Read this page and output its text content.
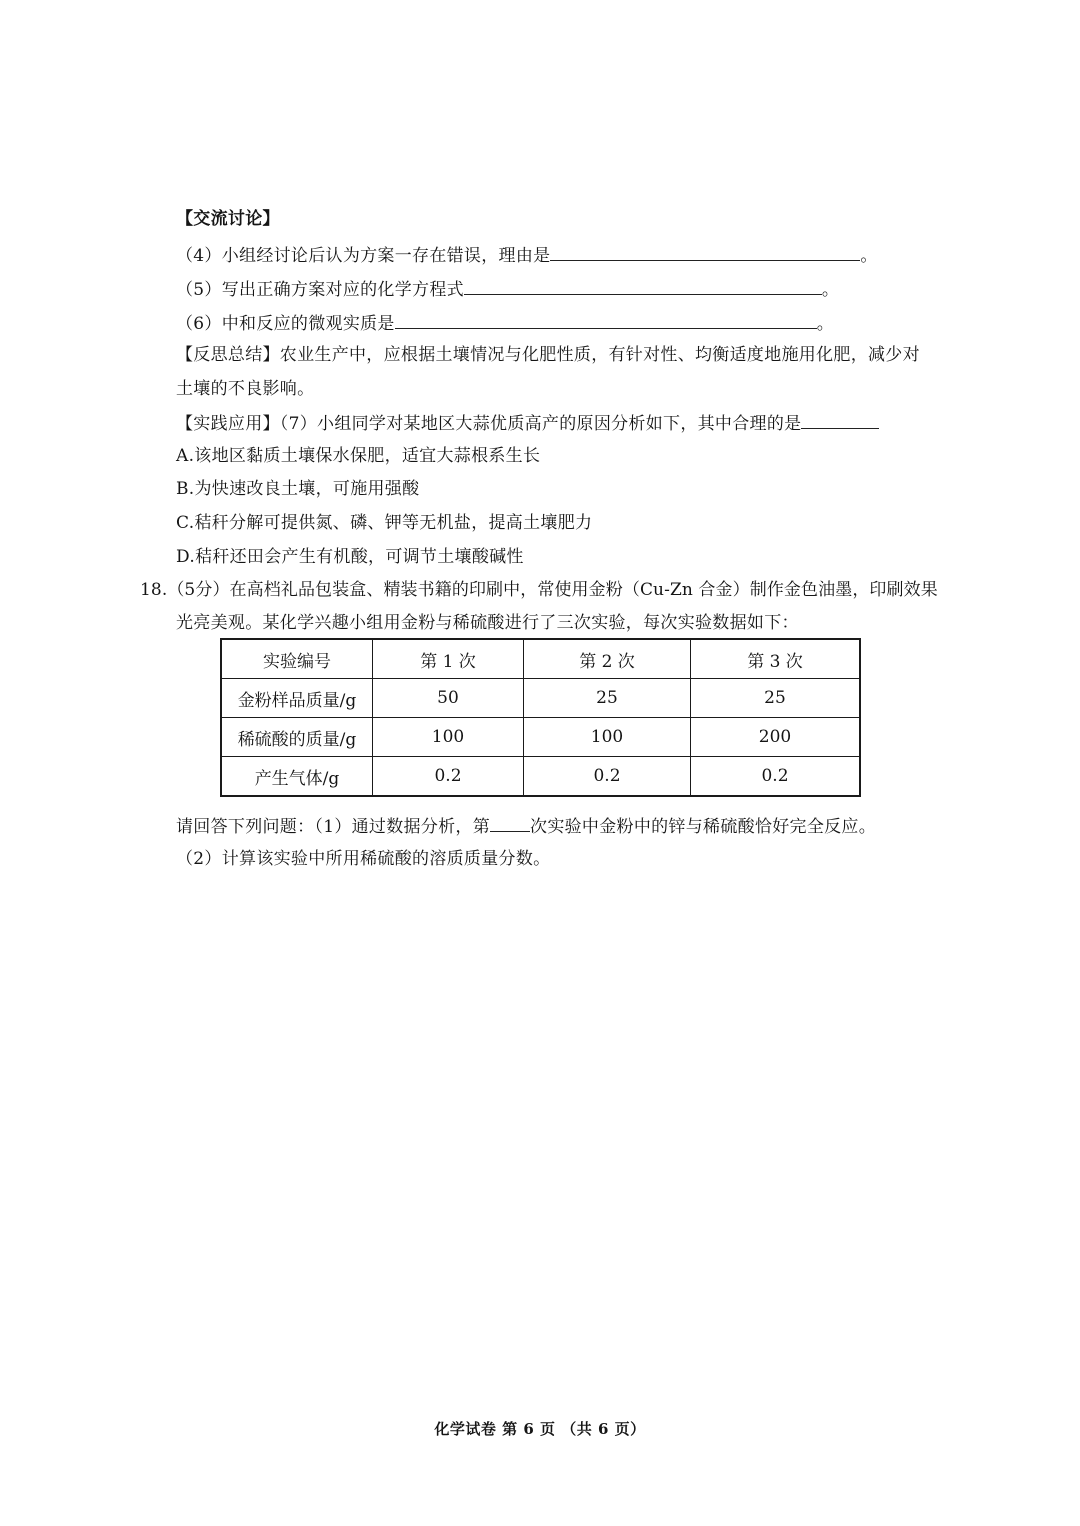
【交流讨论】
（4）小组经讨论后认为方案一存在错误，理由是	。
（5）写出正确方案对应的化学方程式	。
（6）中和反应的微观实质是	。
【反思总结】农业生产中，应根据土壤情况与化肥性质，有针对性、均衡适度地施用化肥，减少对
土壤的不良影响。
【实践应用】（7）小组同学对某地区大蒜优质高产的原因分析如下，其中合理的是
A.该地区黏质土壤保水保肥，适宜大蒜根系生长
B.为快速改良土壤，可施用强酸
C.秸秆分解可提供氮、磷、钾等无机盐，提高土壤肥力
D.秸秆还田会产生有机酸，可调节土壤酸碱性
18.（5分）在高档礼品包装盒、精装书籍的印刷中，常使用金粉（Cu-Zn 合金）制作金色油墨，印刷效果
光亮美观。某化学兴趣小组用金粉与稀硫酸进行了三次实验，每次实验数据如下：
实验编号	第 1 次	第 2 次	第 3 次
金粉样品质量/g	50	25	25
稀硫酸的质量/g	100	100	200
产生气体/g	0.2	0.2	0.2
请回答下列问题：（1）通过数据分析，第 次实验中金粉中的锌与稀硫酸恰好完全反应。
（2）计算该实验中所用稀硫酸的溶质质量分数。
化学试卷 第 6 页 （共 6 页）
